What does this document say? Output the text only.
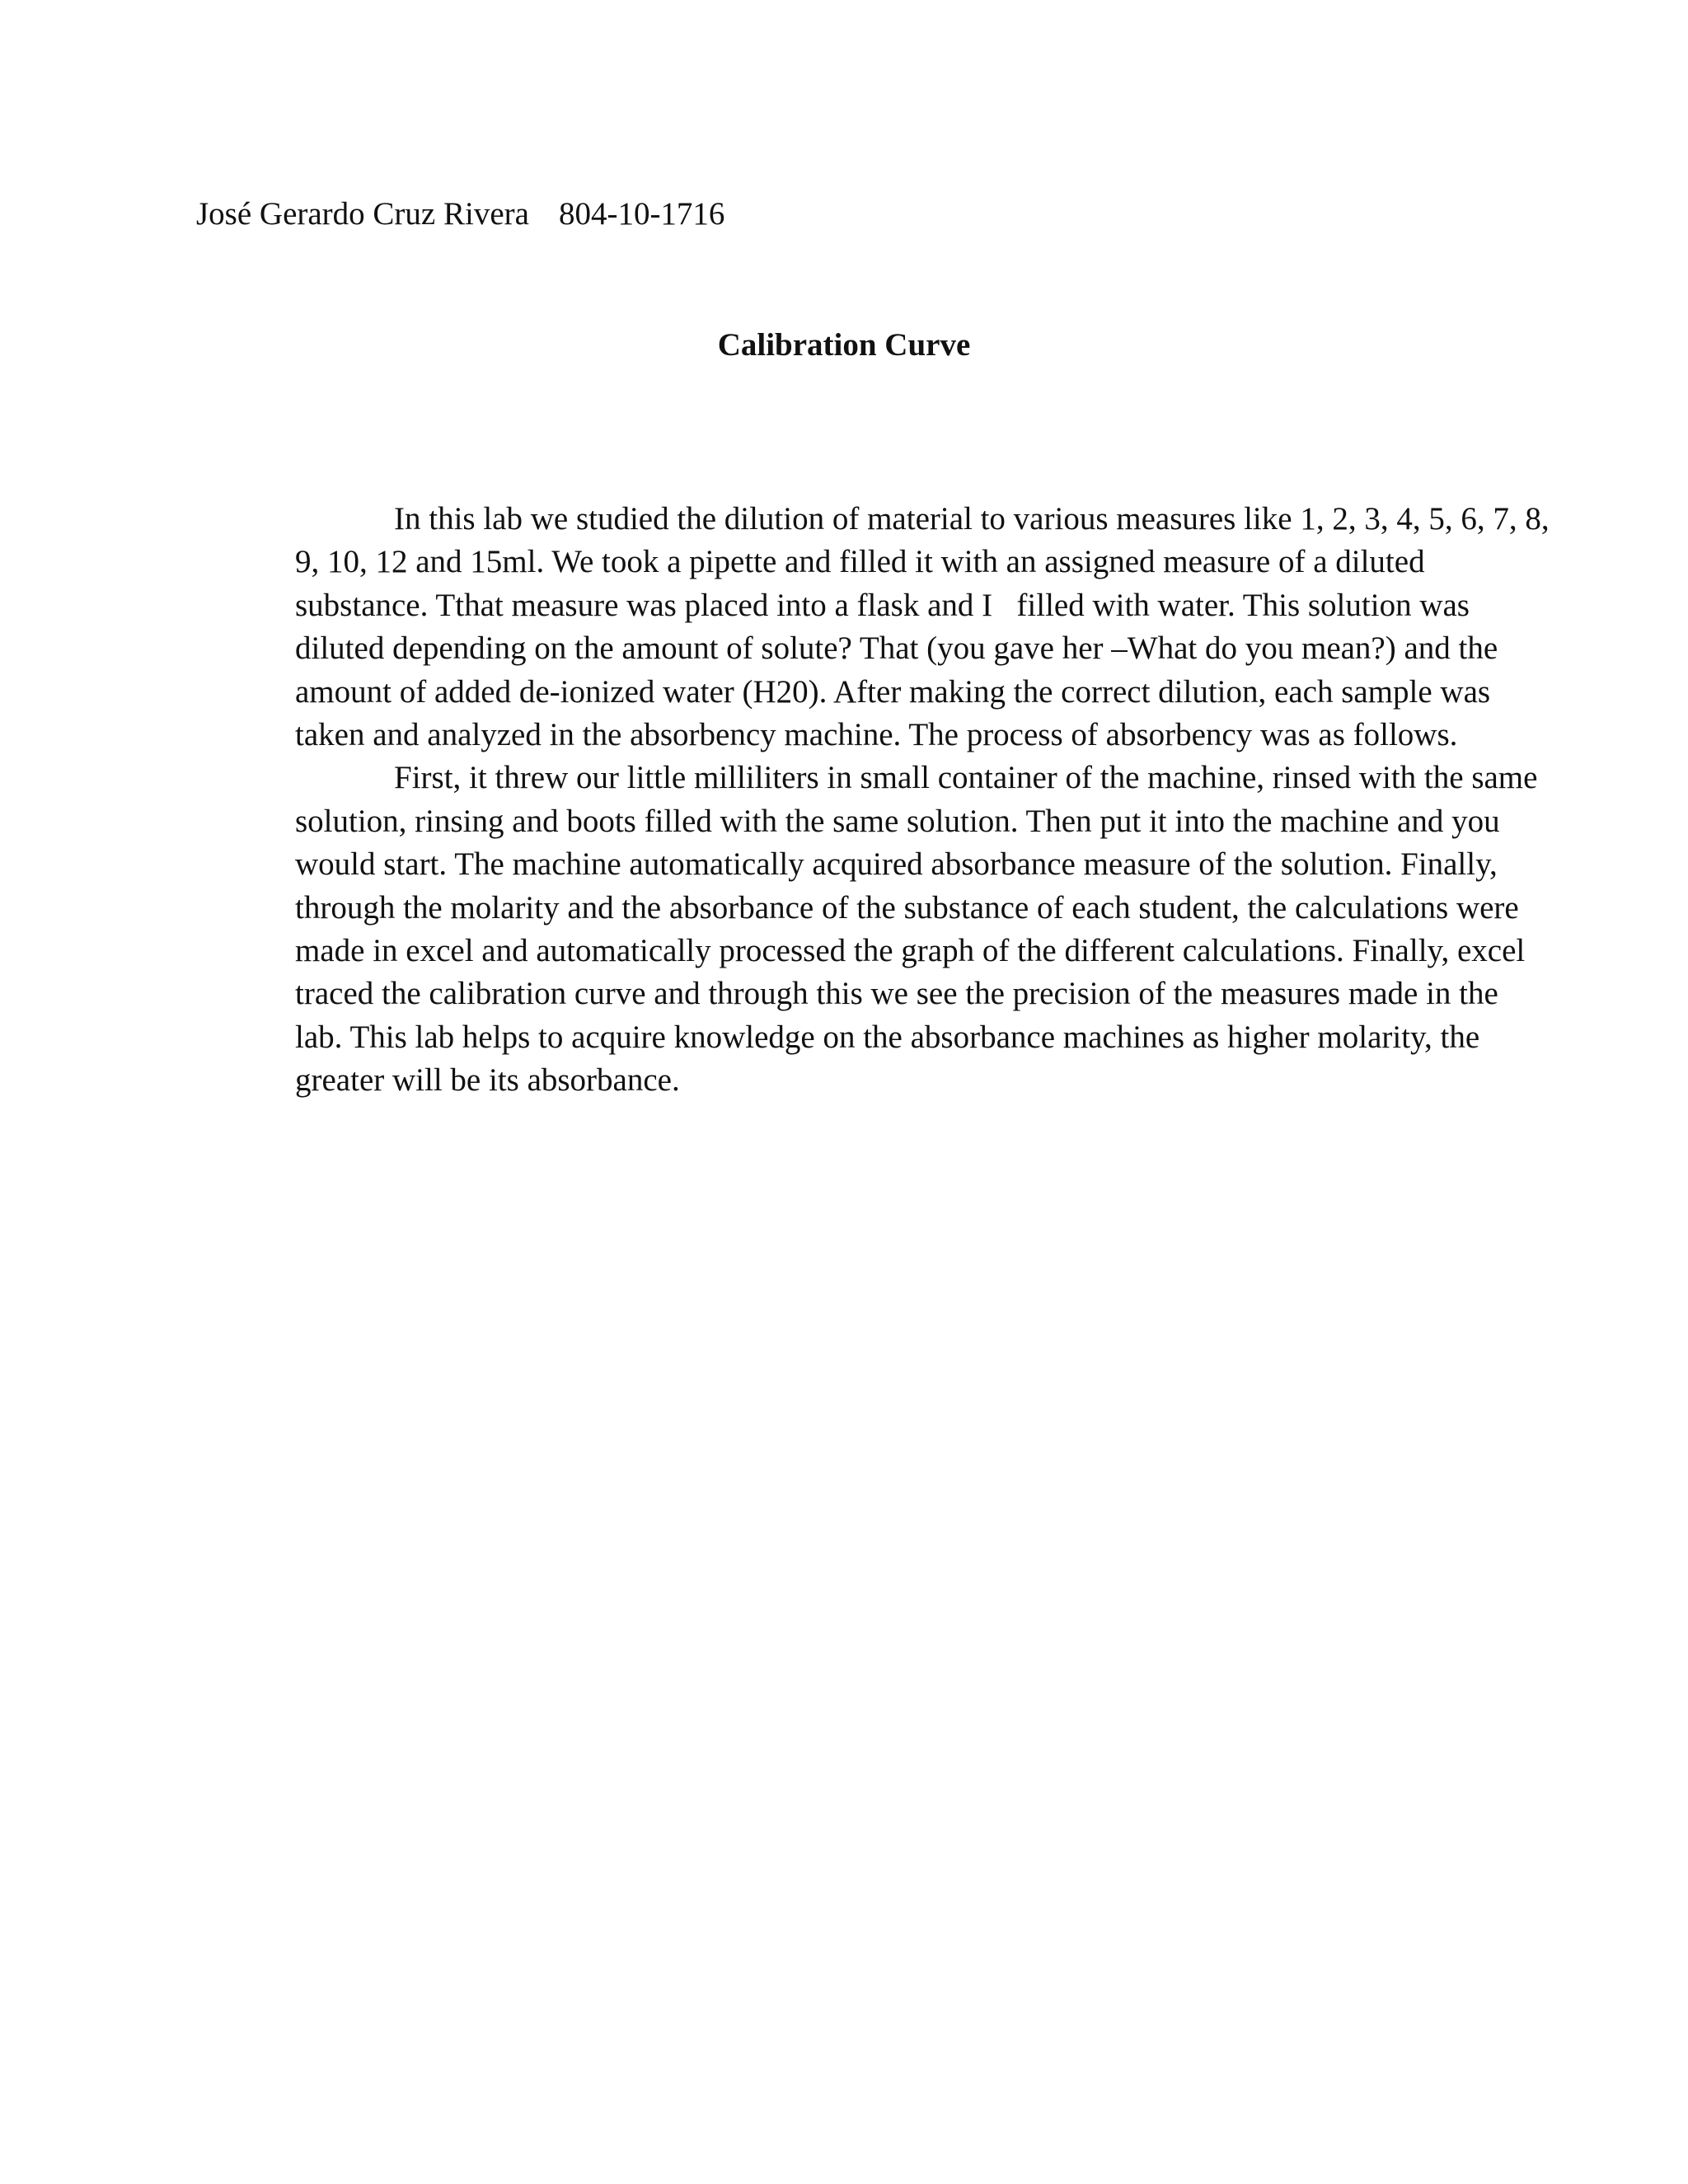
José Gerardo Cruz Rivera 804-10-1716
Calibration Curve
In this lab we studied the dilution of material to various measures like 1, 2, 3, 4, 5, 6, 7, 8,
9, 10, 12 and 15ml. We took a pipette and filled it with an assigned measure of a diluted
substance. Tthat measure was placed into a flask and I   filled with water. This solution was
diluted depending on the amount of solute? That (you gave her –What do you mean?) and the
amount of added de-ionized water (H20). After making the correct dilution, each sample was
taken and analyzed in the absorbency machine. The process of absorbency was as follows.
First, it threw our little milliliters in small container of the machine, rinsed with the same
solution, rinsing and boots filled with the same solution. Then put it into the machine and you
would start. The machine automatically acquired absorbance measure of the solution. Finally,
through the molarity and the absorbance of the substance of each student, the calculations were
made in excel and automatically processed the graph of the different calculations. Finally, excel
traced the calibration curve and through this we see the precision of the measures made in the
lab. This lab helps to acquire knowledge on the absorbance machines as higher molarity, the
greater will be its absorbance.
